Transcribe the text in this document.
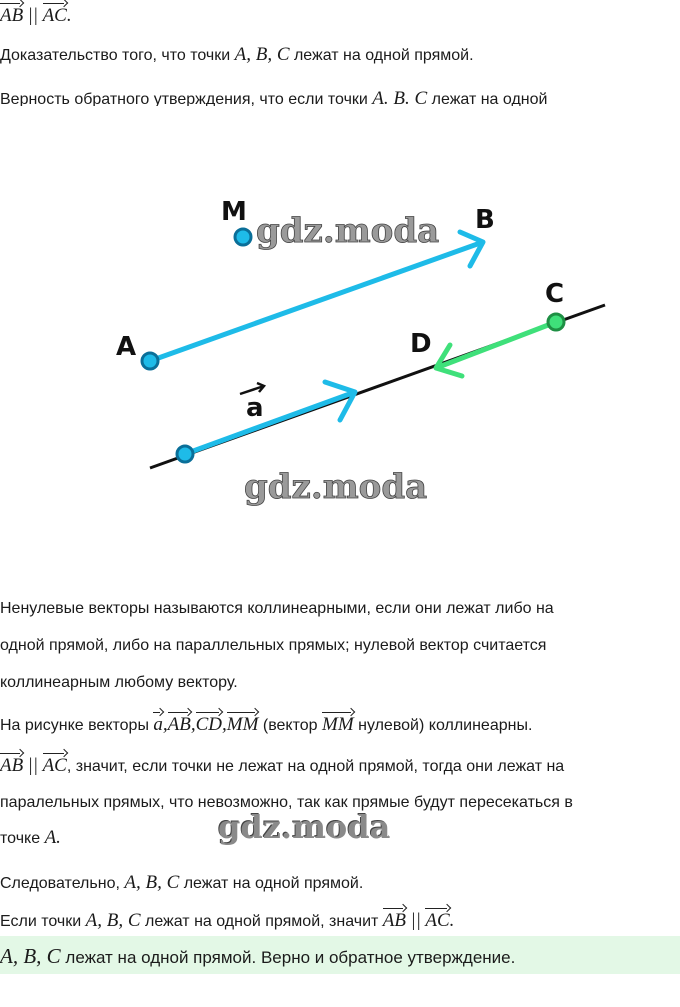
AB || AC.
Доказательство того, что точки A, B, C лежат на одной прямой.
Верность обратного утверждения, что если точки A. B. C лежат на одной
M	B
A
C
D
a
gdz.moda
gdz.moda
Ненулевые векторы называются коллинеарными, если они лежат либо на
одной прямой, либо на параллельных прямых; нулевой вектор считается
коллинеарным любому вектору.
На рисунке векторы a,AB,CD,MM (вектор MM нулевой) коллинеарны.
AB || AC, значит, если точки не лежат на одной прямой, тогда они лежат на
паралельных прямых, что невозможно, так как прямые будут пересекаться в
точке A.	gdz.moda
Следовательно, A, B, C лежат на одной прямой.
Если точки A, B, C лежат на одной прямой, значит AB || AC.
A, B, C лежат на одной прямой. Верно и обратное утверждение.
